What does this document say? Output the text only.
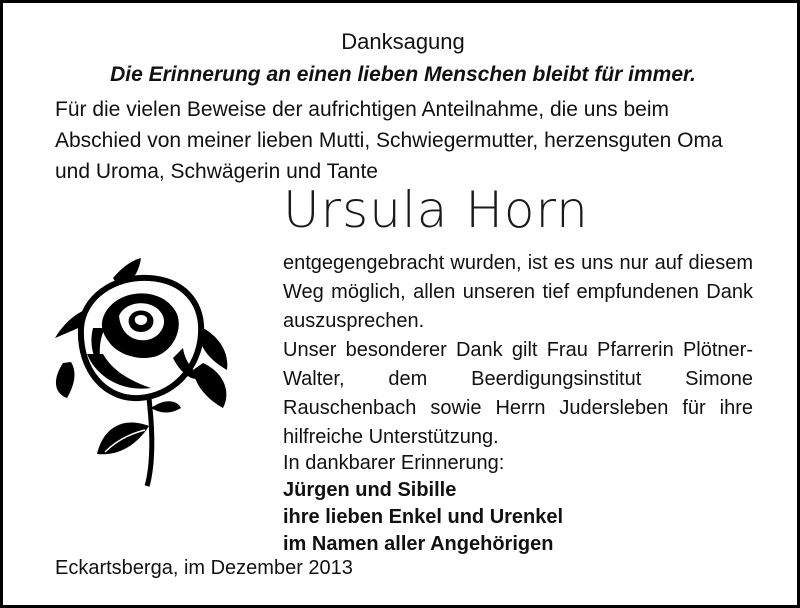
Danksagung
Die Erinnerung an einen lieben Menschen bleibt für immer.
Für die vielen Beweise der aufrichtigen Anteilnahme, die uns beim
Abschied von meiner lieben Mutti, Schwiegermutter, herzensguten Oma
und Uroma, Schwägerin und Tante
Ursula Horn

entgegengebracht wurden, ist es uns nur auf diesem Weg möglich, allen unseren tief empfundenen Dank auszusprechen.

Unser besonderer Dank gilt Frau Pfarrerin Plötner-Walter, dem Beerdigungsinstitut Simone Rauschenbach sowie Herrn Judersleben für ihre hilfreiche Unterstützung.

In dankbarer Erinnerung:
Jürgen und Sibille
ihre lieben Enkel und Urenkel
im Namen aller Angehörigen
Eckartsberga, im Dezember 2013
